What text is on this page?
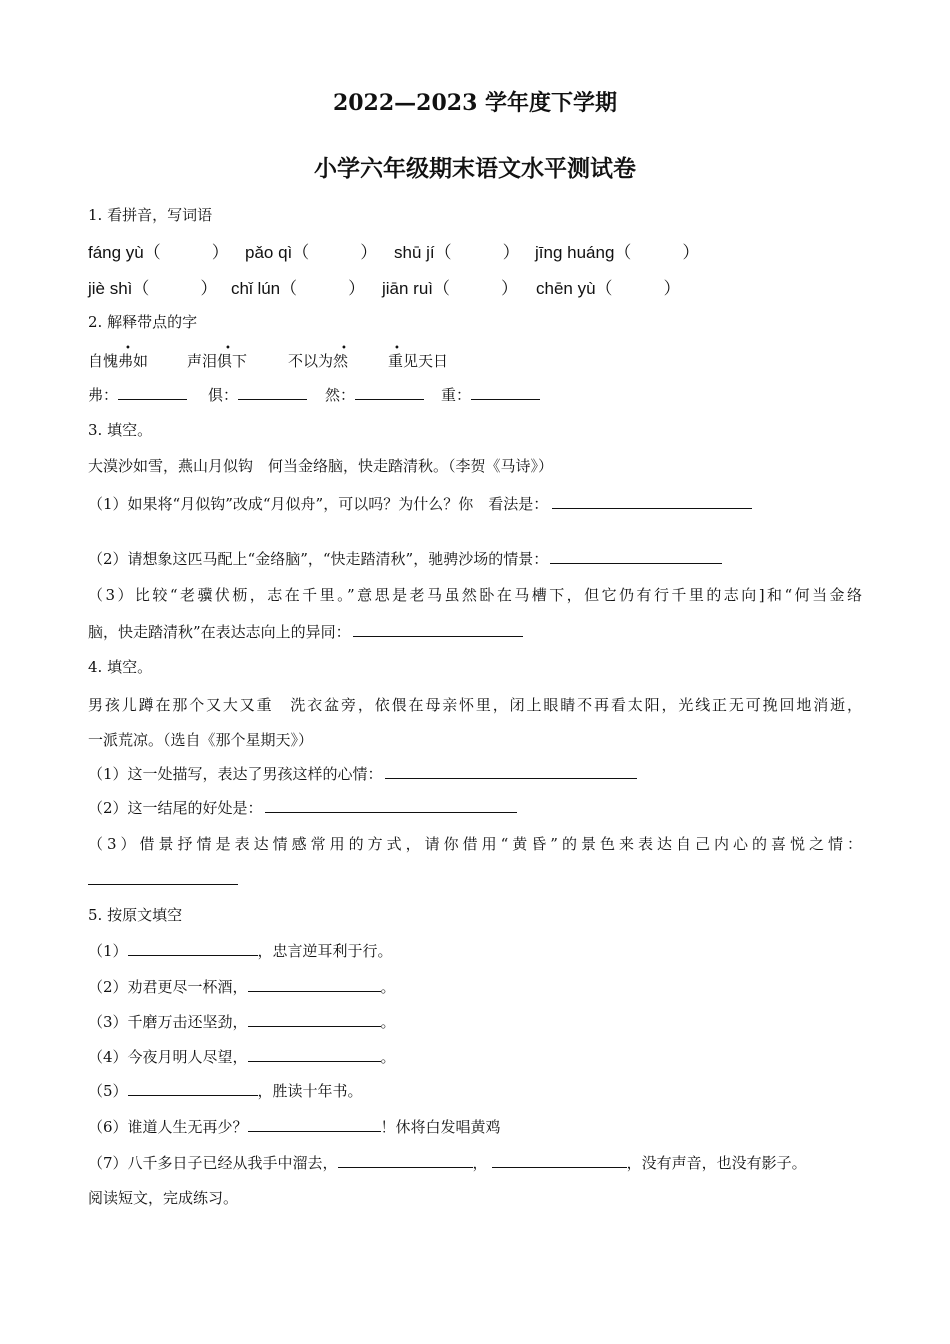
2022—2023 学年度下学期
小学六年级期末语文水平测试卷
1. 看拼音，写词语
fáng yù（　　　） pǎo qì（　　　） shū jí（　　　） jīng huáng（　　　）
jiè shì（　　　） chǐ lún（　　　） jiān ruì（　　　） chēn yù（　　　）
2. 解释带点的字
•
自愧弗如
•
声泪俱下
•
不以为然
•
重见天日
弗：	俱：	然：	重：
3. 填空。
大漠沙如雪，燕山月似钩　何当金络脑，快走踏清秋。（李贺《马诗》）
（1）如果将“月似钩”改成“月似舟”，可以吗？为什么？你　看法是：
（2）请想象这匹马配上“金络脑”，“快走踏清秋”，驰骋沙场的情景：
（3）比较“老骥伏枥，志在千里。”意思是老马虽然卧在马槽下，但它仍有行千里的志向]和“何当金络
脑，快走踏清秋”在表达志向上的异同：
4. 填空。
男孩儿蹲在那个又大又重　洗衣盆旁，依偎在母亲怀里，闭上眼睛不再看太阳，光线正无可挽回地消逝，
一派荒凉。（选自《那个星期天》）
（1）这一处描写，表达了男孩这样的心情：
（2）这一结尾的好处是：
（3）借景抒情是表达情感常用的方式，请你借用“黄昏”的景色来表达自己内心的喜悦之情：
5. 按原文填空
（1）	，忠言逆耳利于行。
（2）劝君更尽一杯酒，	。
（3）千磨万击还坚劲，	。
（4）今夜月明人尽望，	。
（5）	，胜读十年书。
（6）谁道人生无再少？	！休将白发唱黄鸡
（7）八千多日子已经从我手中溜去，	，	，没有声音，也没有影子。
阅读短文，完成练习。
